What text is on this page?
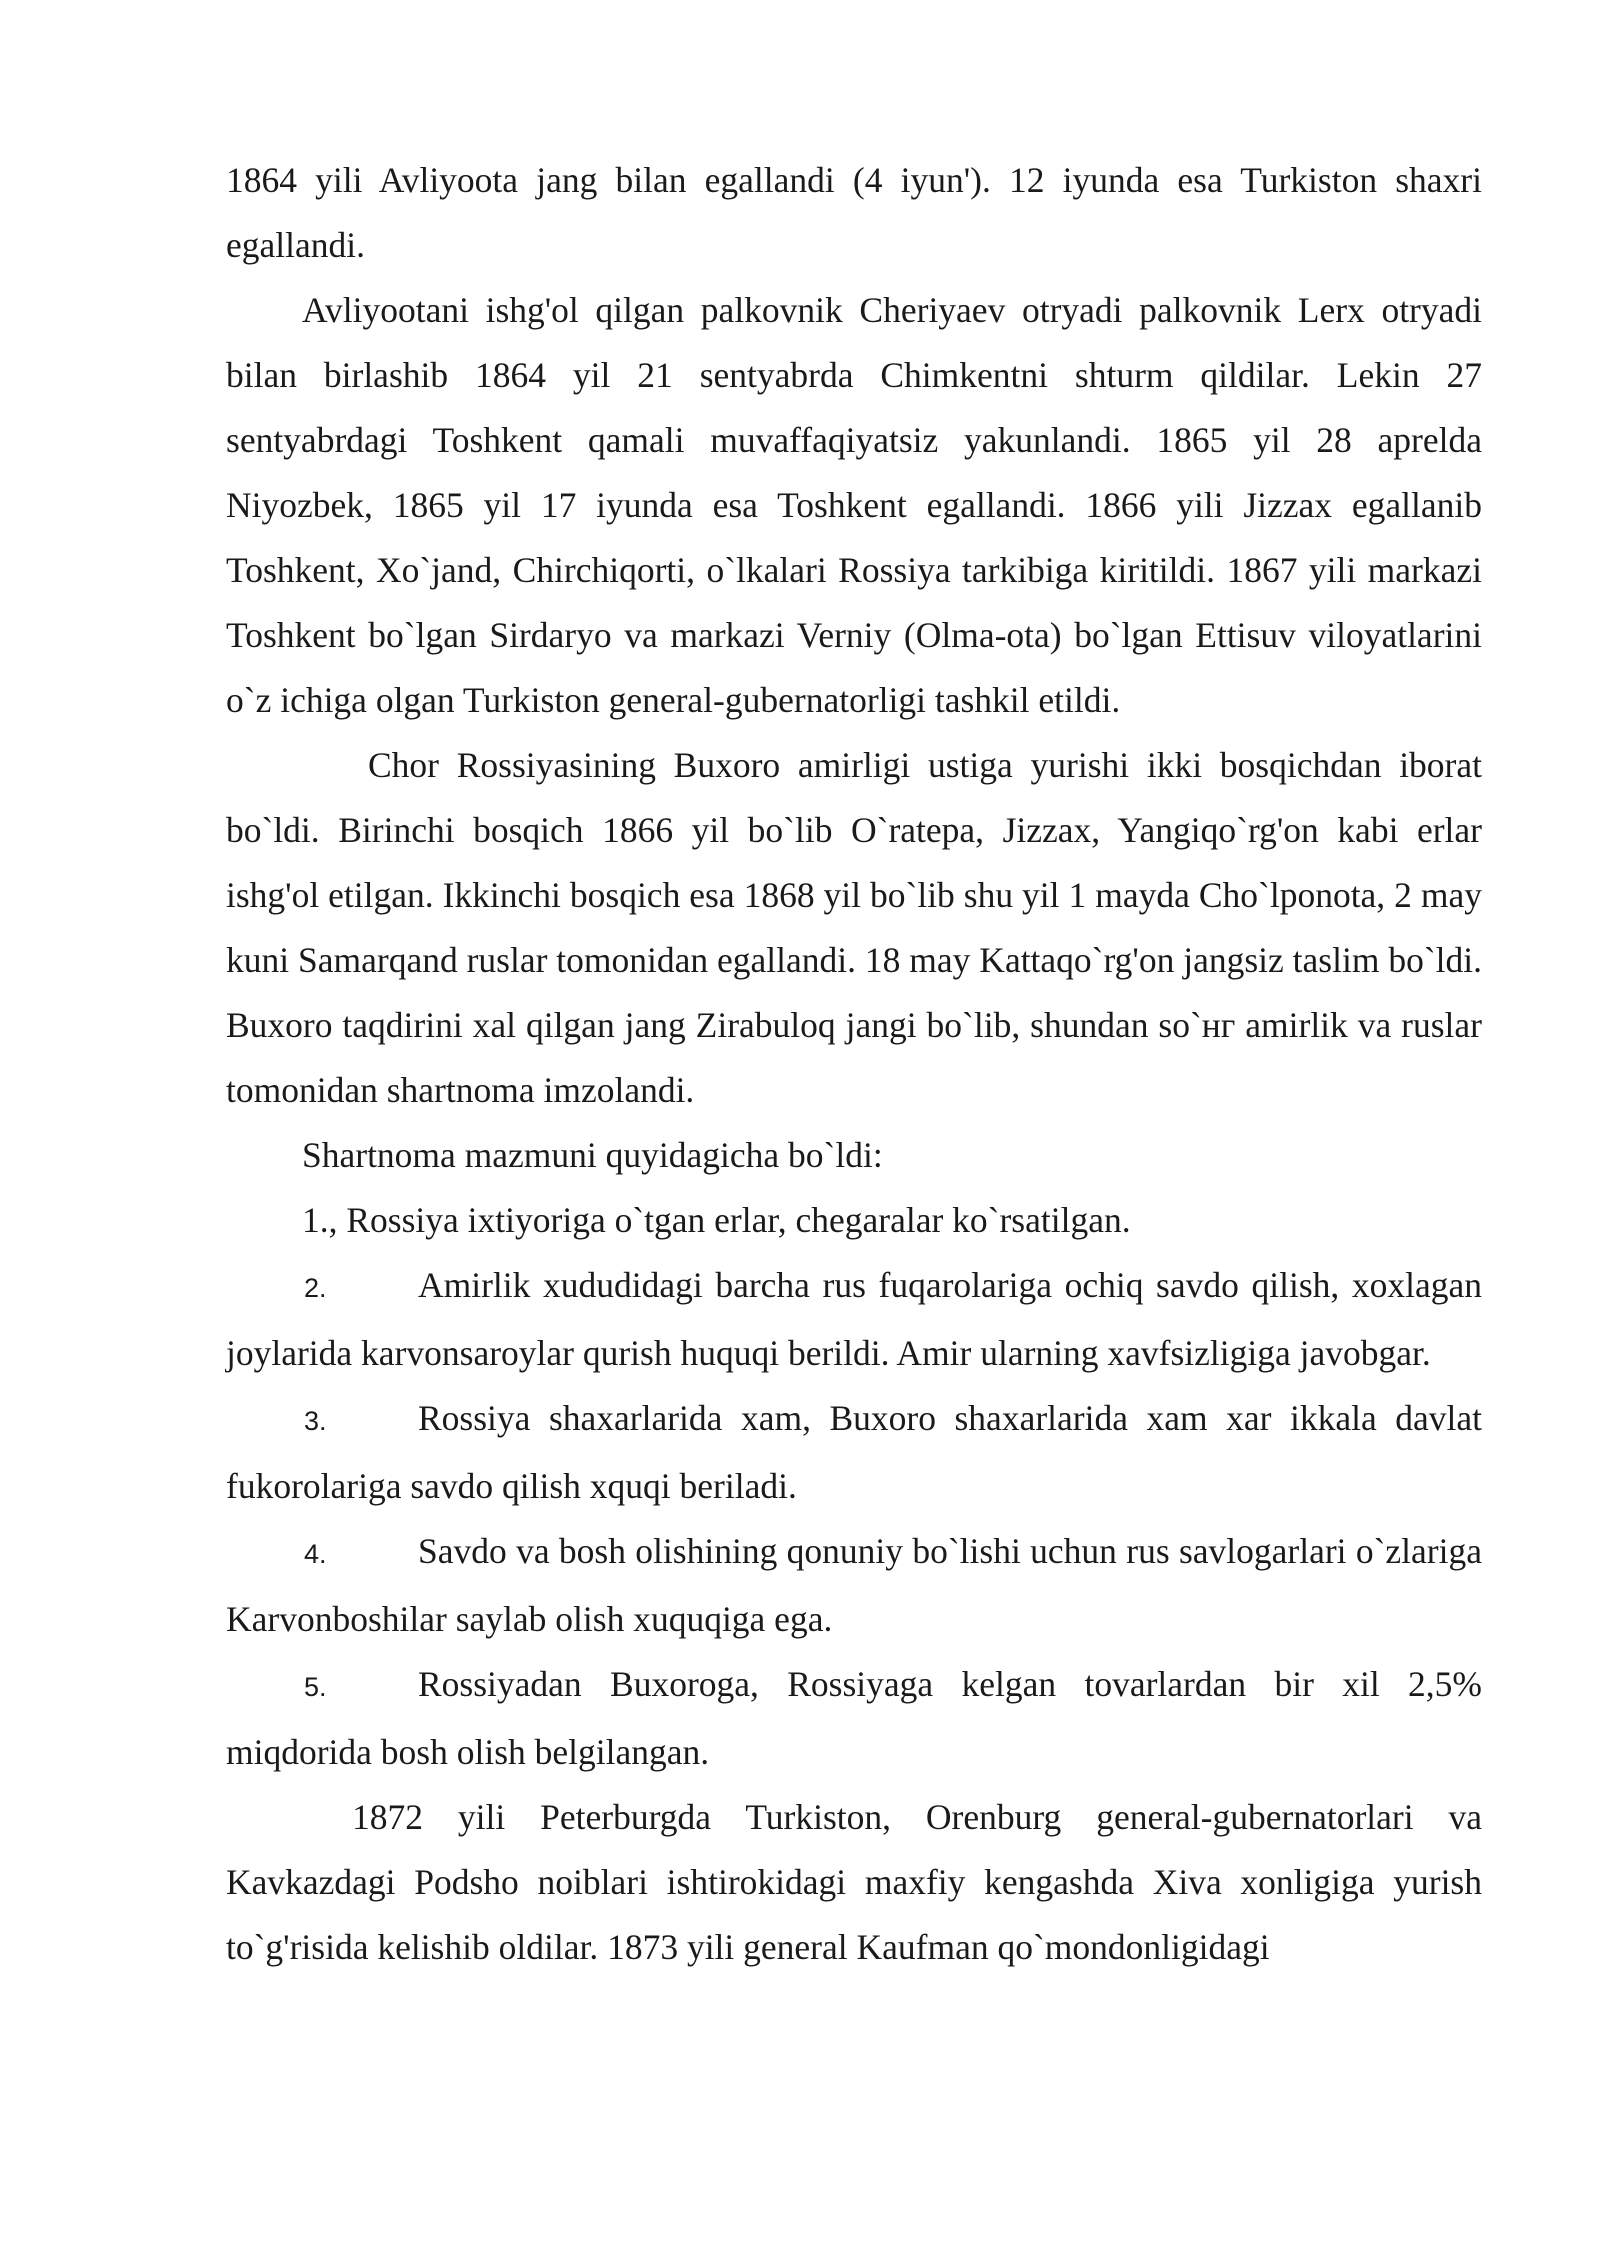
1864 yili Avliyoota jang bilan egallandi (4 iyun'). 12 iyunda esa Turkiston shaxri egallandi.

Avliyootani ishg'ol qilgan palkovnik Cheriyaev otryadi palkovnik Lerx otryadi bilan birlashib 1864 yil 21 sentyabrda Chimkentni shturm qildilar. Lekin 27 sentyabrdagi Toshkent qamali muvaffaqiyatsiz yakunlandi. 1865 yil 28 aprelda Niyozbek, 1865 yil 17 iyunda esa Toshkent egallandi. 1866 yili Jizzax egallanib Toshkent, Xo`jand, Chirchiqorti, o`lkalari Rossiya tarkibiga kiritildi. 1867 yili markazi Toshkent bo`lgan Sirdaryo va markazi Verniy (Olma-ota) bo`lgan Ettisuv viloyatlarini o`z ichiga olgan Turkiston general-gubernatorligi tashkil etildi.

Chor Rossiyasining Buxoro amirligi ustiga yurishi ikki bosqichdan iborat bo`ldi. Birinchi bosqich 1866 yil bo`lib O`ratepa, Jizzax, Yangiqo`rg'on kabi erlar ishg'ol etilgan. Ikkinchi bosqich esa 1868 yil bo`lib shu yil 1 mayda Cho`lponota, 2 may kuni Samarqand ruslar tomonidan egallandi. 18 may Kattaqo`rg'on jangsiz taslim bo`ldi. Buxoro taqdirini xal qilgan jang Zirabuloq jangi bo`lib, shundan so`нг amirlik va ruslar tomonidan shartnoma imzolandi.

Shartnoma mazmuni quyidagicha bo`ldi:

1., Rossiya ixtiyoriga o`tgan erlar, chegaralar ko`rsatilgan.

2.	Amirlik xududidagi barcha rus fuqarolariga ochiq savdo qilish, xoxlagan joylarida karvonsaroylar qurish huquqi berildi. Amir ularning xavfsizligiga javobgar.

3.	Rossiya shaxarlarida xam, Buxoro shaxarlarida xam xar ikkala davlat fukorolariga savdo qilish xquqi beriladi.

4.	Savdo va bosh olishining qonuniy bo`lishi uchun rus savlogarlari o`zlariga Karvonboshilar saylab olish xuquqiga ega.

5.	Rossiyadan Buxoroga, Rossiyaga kelgan tovarlardan bir xil 2,5% miqdorida bosh olish belgilangan.

1872 yili Peterburgda Turkiston, Orenburg general-gubernatorlari va Kavkazdagi Podsho noiblari ishtirokidagi maxfiy kengashda Xiva xonligiga yurish to`g'risida kelishib oldilar. 1873 yili general Kaufman qo`mondonligidagi
